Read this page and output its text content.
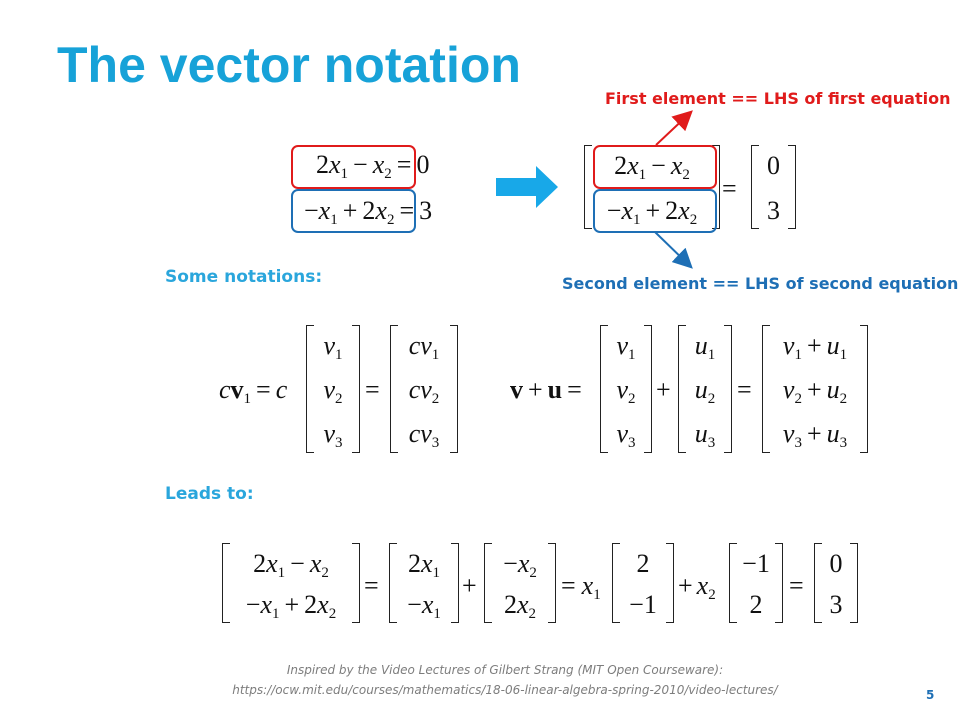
The vector notation
First element == LHS of first equation
Second element == LHS of second equation
$2x_1 - x_2 = 0$
$-x_1 + 2x_2 = 3$
$2x_1 - x_2$
$-x_1 + 2x_2$
=
0
3
Some notations:
$cv_1 = c$
$v_1$
$v_2$
$v_3$
=
$cv_1$
$cv_2$
$cv_3$
v + u =
$v_1$
$v_2$
$v_3$
+
$u_1$
$u_2$
$u_3$
=
$v_1 + u_1$
$v_2 + u_2$
$v_3 + u_3$
Leads to:
$2x_1 - x_2$
$-x_1 + 2x_2$
=
$2x_1$
$-x_1$
+
$-x_2$
$2x_2$
= $x_1$
2
−1
+ $x_2$
−1
2
=
0
3
Inspired by the Video Lectures of Gilbert Strang (MIT Open Courseware):
https://ocw.mit.edu/courses/mathematics/18-06-linear-algebra-spring-2010/video-lectures/	5
